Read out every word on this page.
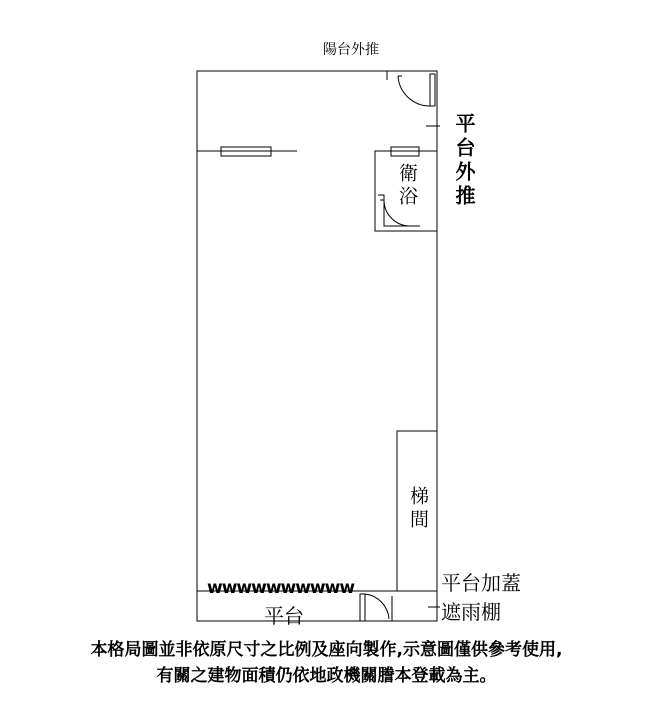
陽台外推
平台外推
衛浴
梯間
平台加蓋
遮雨棚
平台
wwwwwwwwww
本格局圖並非依原尺寸之比例及座向製作,示意圖僅供參考使用,
有關之建物面積仍依地政機關謄本登載為主。
